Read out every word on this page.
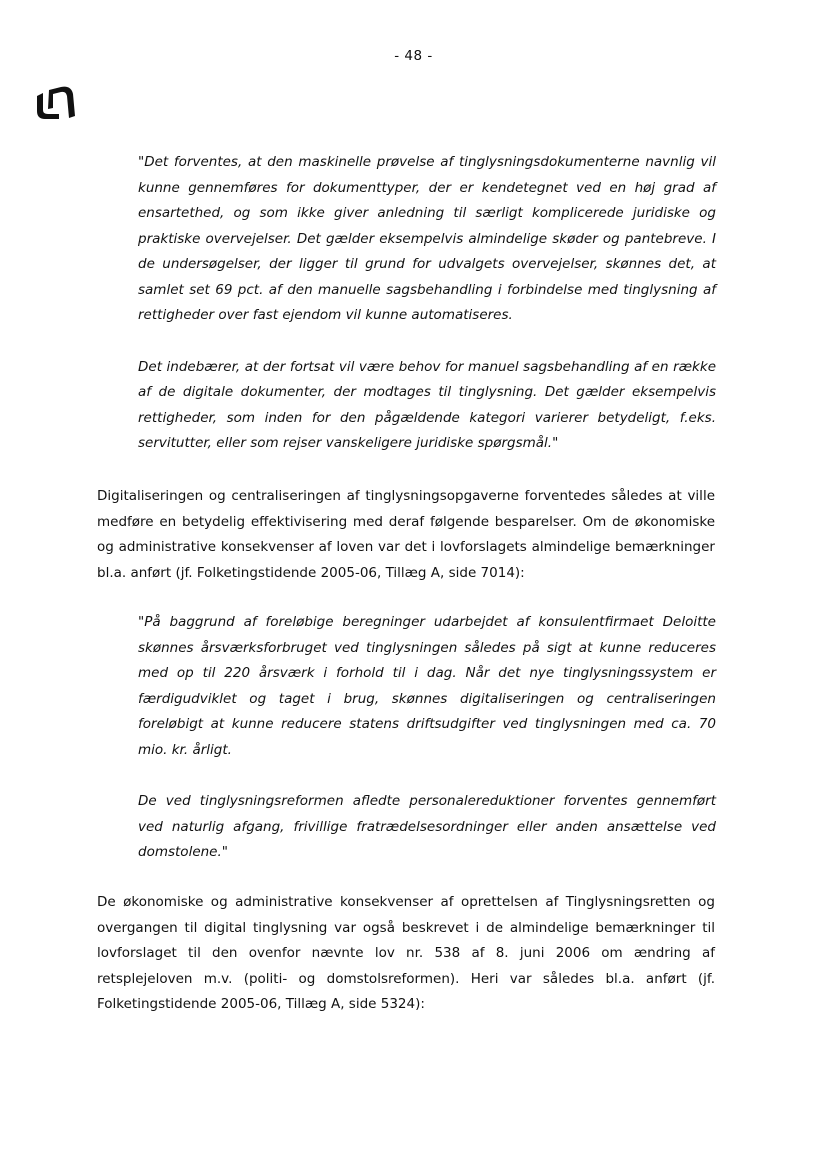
- 48 -

"Det forventes, at den maskinelle prøvelse af tinglysningsdokumenterne navnlig vil kunne gennemføres for dokumenttyper, der er kendetegnet ved en høj grad af ensartethed, og som ikke giver anledning til særligt komplicerede juridiske og praktiske overvejelser. Det gælder eksempelvis almindelige skøder og pantebreve. I de undersøgelser, der ligger til grund for udvalgets overvejelser, skønnes det, at samlet set 69 pct. af den manuelle sagsbehandling i forbindelse med tinglysning af rettigheder over fast ejendom vil kunne automatiseres.

Det indebærer, at der fortsat vil være behov for manuel sagsbehandling af en række af de digitale dokumenter, der modtages til tinglysning. Det gælder eksempelvis rettigheder, som inden for den pågældende kategori varierer betydeligt, f.eks. servitutter, eller som rejser vanskeligere juridiske spørgsmål."

Digitaliseringen og centraliseringen af tinglysningsopgaverne forventedes således at ville medføre en betydelig effektivisering med deraf følgende besparelser. Om de økonomiske og administrative konsekvenser af loven var det i lovforslagets almindelige bemærkninger bl.a. anført (jf. Folketingstidende 2005-06, Tillæg A, side 7014):

"På baggrund af foreløbige beregninger udarbejdet af konsulentfirmaet Deloitte skønnes årsværksforbruget ved tinglysningen således på sigt at kunne reduceres med op til 220 årsværk i forhold til i dag. Når det nye tinglysningssystem er færdigudviklet og taget i brug, skønnes digitaliseringen og centraliseringen foreløbigt at kunne reducere statens driftsudgifter ved tinglysningen med ca. 70 mio. kr. årligt.

De ved tinglysningsreformen afledte personalereduktioner forventes gennemført ved naturlig afgang, frivillige fratrædelsesordninger eller anden ansættelse ved domstolene."

De økonomiske og administrative konsekvenser af oprettelsen af Tinglysningsretten og overgangen til digital tinglysning var også beskrevet i de almindelige bemærkninger til lovforslaget til den ovenfor nævnte lov nr. 538 af 8. juni 2006 om ændring af retsplejeloven m.v. (politi- og domstolsreformen). Heri var således bl.a. anført (jf. Folketingstidende 2005-06, Tillæg A, side 5324):
